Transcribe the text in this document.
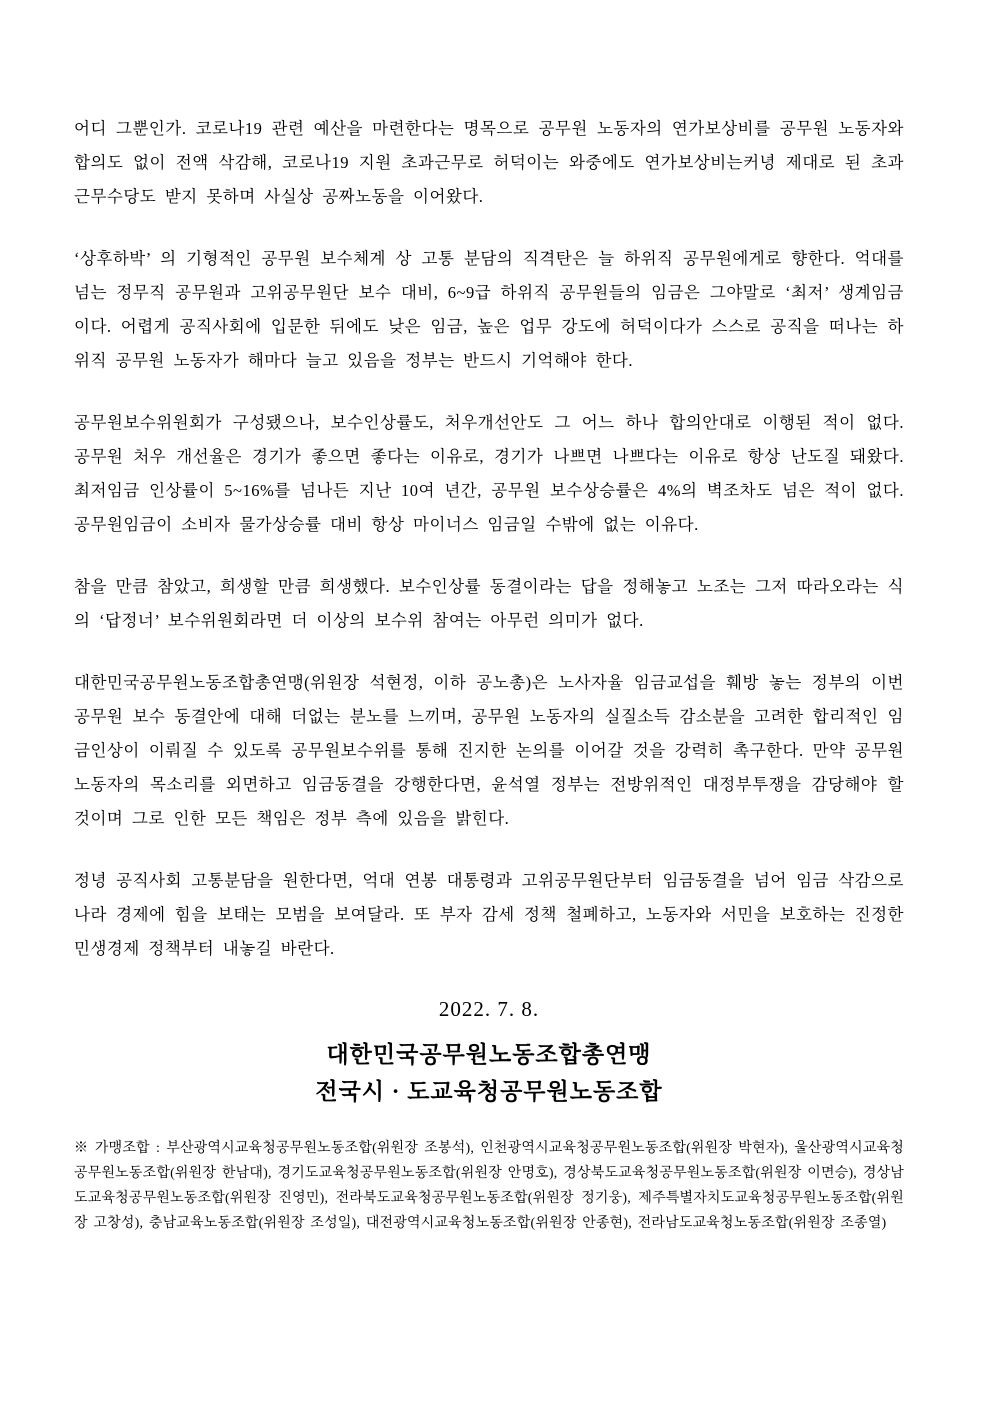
어디 그뿐인가. 코로나19 관련 예산을 마련한다는 명목으로 공무원 노동자의 연가보상비를 공무원 노동자와 합의도 없이 전액 삭감해, 코로나19 지원 초과근무로 허덕이는 와중에도 연가보상비는커녕 제대로 된 초과근무수당도 받지 못하며 사실상 공짜노동을 이어왔다.

‘상후하박’ 의 기형적인 공무원 보수체계 상 고통 분담의 직격탄은 늘 하위직 공무원에게로 향한다. 억대를 넘는 정무직 공무원과 고위공무원단 보수 대비, 6~9급 하위직 공무원들의 임금은 그야말로 ‘최저’ 생계임금이다. 어렵게 공직사회에 입문한 뒤에도 낮은 임금, 높은 업무 강도에 허덕이다가 스스로 공직을 떠나는 하위직 공무원 노동자가 해마다 늘고 있음을 정부는 반드시 기억해야 한다.

공무원보수위원회가 구성됐으나, 보수인상률도, 처우개선안도 그 어느 하나 합의안대로 이행된 적이 없다. 공무원 처우 개선율은 경기가 좋으면 좋다는 이유로, 경기가 나쁘면 나쁘다는 이유로 항상 난도질 돼왔다. 최저임금 인상률이 5~16%를 넘나든 지난 10여 년간, 공무원 보수상승률은 4%의 벽조차도 넘은 적이 없다. 공무원임금이 소비자 물가상승률 대비 항상 마이너스 임금일 수밖에 없는 이유다.

참을 만큼 참았고, 희생할 만큼 희생했다. 보수인상률 동결이라는 답을 정해놓고 노조는 그저 따라오라는 식의 ‘답정너’ 보수위원회라면 더 이상의 보수위 참여는 아무런 의미가 없다.

대한민국공무원노동조합총연맹(위원장 석현정, 이하 공노총)은 노사자율 임금교섭을 훼방 놓는 정부의 이번 공무원 보수 동결안에 대해 더없는 분노를 느끼며, 공무원 노동자의 실질소득 감소분을 고려한 합리적인 임금인상이 이뤄질 수 있도록 공무원보수위를 통해 진지한 논의를 이어갈 것을 강력히 촉구한다. 만약 공무원 노동자의 목소리를 외면하고 임금동결을 강행한다면, 윤석열 정부는 전방위적인 대정부투쟁을 감당해야 할 것이며 그로 인한 모든 책임은 정부 측에 있음을 밝힌다.

정녕 공직사회 고통분담을 원한다면, 억대 연봉 대통령과 고위공무원단부터 임금동결을 넘어 임금 삭감으로 나라 경제에 힘을 보태는 모범을 보여달라. 또 부자 감세 정책 철폐하고, 노동자와 서민을 보호하는 진정한 민생경제 정책부터 내놓길 바란다.

2022. 7. 8.
대한민국공무원노동조합총연맹
전국시 · 도교육청공무원노동조합

※ 가맹조합 : 부산광역시교육청공무원노동조합(위원장 조봉석), 인천광역시교육청공무원노동조합(위원장 박현자), 울산광역시교육청공무원노동조합(위원장 한남대), 경기도교육청공무원노동조합(위원장 안명호), 경상북도교육청공무원노동조합(위원장 이면승), 경상남도교육청공무원노동조합(위원장 진영민), 전라북도교육청공무원노동조합(위원장 정기웅), 제주특별자치도교육청공무원노동조합(위원장 고창성), 충남교육노동조합(위원장 조성일), 대전광역시교육청노동조합(위원장 안종현), 전라남도교육청노동조합(위원장 조종열)
